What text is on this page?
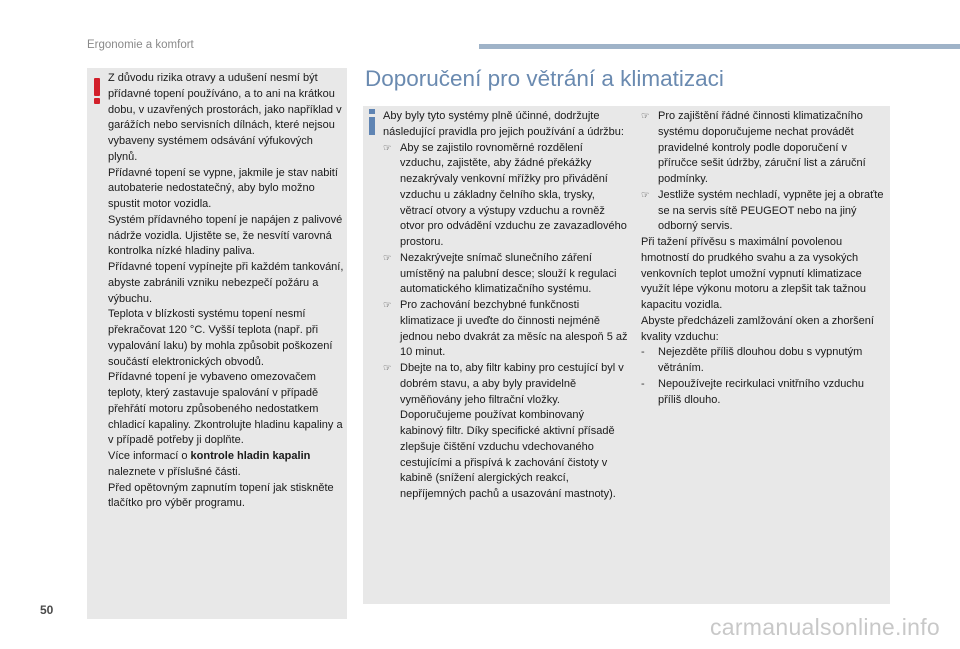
Ergonomie a komfort

Z důvodu rizika otravy a udušení nesmí být přídavné topení používáno, a to ani na krátkou dobu, v uzavřených prostorách, jako například v garážích nebo servisních dílnách, které nejsou vybaveny systémem odsávání výfukových plynů.

Přídavné topení se vypne, jakmile je stav nabití autobaterie nedostatečný, aby bylo možno spustit motor vozidla.

Systém přídavného topení je napájen z palivové nádrže vozidla. Ujistěte se, že nesvítí varovná kontrolka nízké hladiny paliva.

Přídavné topení vypínejte při každém tankování, abyste zabránili vzniku nebezpečí požáru a výbuchu.

Teplota v blízkosti systému topení nesmí překračovat 120 °C. Vyšší teplota (např. při vypalování laku) by mohla způsobit poškození součástí elektronických obvodů.

Přídavné topení je vybaveno omezovačem teploty, který zastavuje spalování v případě přehřátí motoru způsobeného nedostatkem chladicí kapaliny. Zkontrolujte hladinu kapaliny a v případě potřeby ji doplňte.

Více informací o kontrole hladin kapalin naleznete v příslušné části.

Před opětovným zapnutím topení jak stiskněte tlačítko pro výběr programu.

Doporučení pro větrání a klimatizaci

Aby byly tyto systémy plně účinné, dodržujte následující pravidla pro jejich používání a údržbu:

☞ Aby se zajistilo rovnoměrné rozdělení vzduchu, zajistěte, aby žádné překážky nezakrývaly venkovní mřížky pro přivádění vzduchu u základny čelního skla, trysky, větrací otvory a výstupy vzduchu a rovněž otvor pro odvádění vzduchu ze zavazadlového prostoru.
☞ Nezakrývejte snímač slunečního záření umístěný na palubní desce; slouží k regulaci automatického klimatizačního systému.
☞ Pro zachování bezchybné funkčnosti klimatizace ji uveďte do činnosti nejméně jednou nebo dvakrát za měsíc na alespoň 5 až 10 minut.
☞ Dbejte na to, aby filtr kabiny pro cestující byl v dobrém stavu, a aby byly pravidelně vyměňovány jeho filtrační vložky. Doporučujeme používat kombinovaný kabinový filtr. Díky specifické aktivní přísadě zlepšuje čištění vzduchu vdechovaného cestujícími a přispívá k zachování čistoty v kabině (snížení alergických reakcí, nepříjemných pachů a usazování mastnoty).
☞ Pro zajištění řádné činnosti klimatizačního systému doporučujeme nechat provádět pravidelné kontroly podle doporučení v příručce sešit údržby, záruční list a záruční podmínky.
☞ Jestliže systém nechladí, vypněte jej a obraťte se na servis sítě PEUGEOT nebo na jiný odborný servis.

Při tažení přívěsu s maximální povolenou hmotností do prudkého svahu a za vysokých venkovních teplot umožní vypnutí klimatizace využít lépe výkonu motoru a zlepšit tak tažnou kapacitu vozidla.

Abyste předcházeli zamlžování oken a zhoršení kvality vzduchu:

-	Nejezděte příliš dlouhou dobu s vypnutým větráním.
-	Nepoužívejte recirkulaci vnitřního vzduchu příliš dlouho.
50
carmanualsonline.info
